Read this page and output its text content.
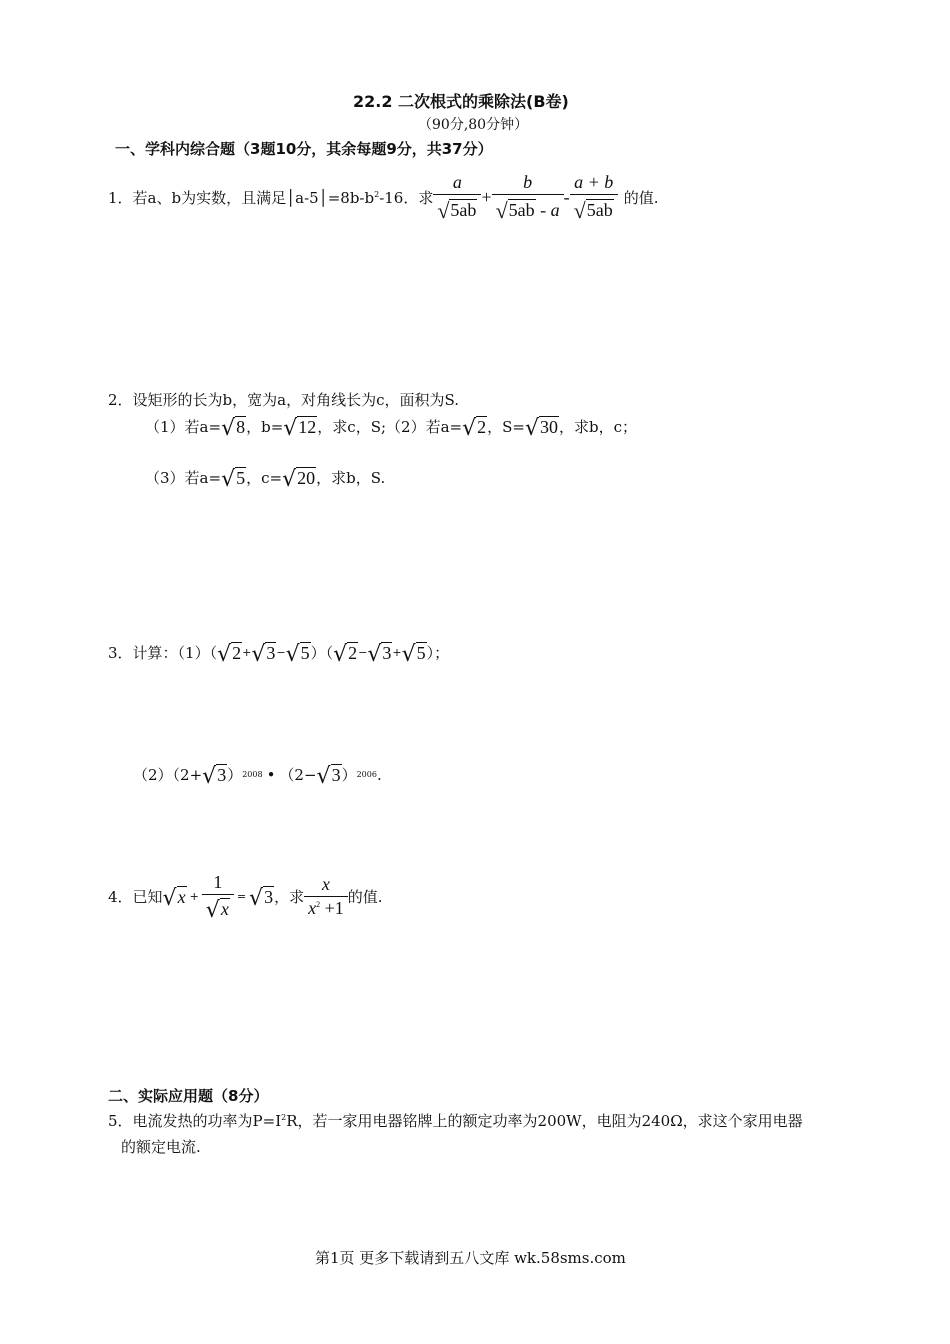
22.2 二次根式的乘除法(B卷)
（90分,80分钟）
一、学科内综合题（3题10分，其余每题9分，共37分）
1．若a、b为实数，且满足$│a-5│=8b-b^2-16$．求 $\frac{a}{√5ab} + \frac{b}{√5ab - a} - \frac{a + b}{√5ab}$ 的值.
2．设矩形的长为b，宽为a，对角线长为c，面积为S.
（1）若a= √8 ，b= √12 ，求c，S;（2）若a= √2 ，S= √30 ，求b，c；
（3）若a= √5 ，c= √20 ，求b，S.
3．计算：（1）（ √2 + √3 − √5 ）（ √2 − √3 + √5 ）；
（2）（2+ √3 ） 2008 • （2− √3 ） 2006 .
4．已知 $√x + \frac{1}{√x} = √3$ ，求 $\frac{x}{x^2 +1}$ 的值.
二、实际应用题（8分）
5．电流发热的功率为$P=I^2R$，若一家用电器铭牌上的额定功率为200W，电阻为240Ω，求这个家用电器
的额定电流.
第1页 更多下载请到五八文库 wk.58sms.com
